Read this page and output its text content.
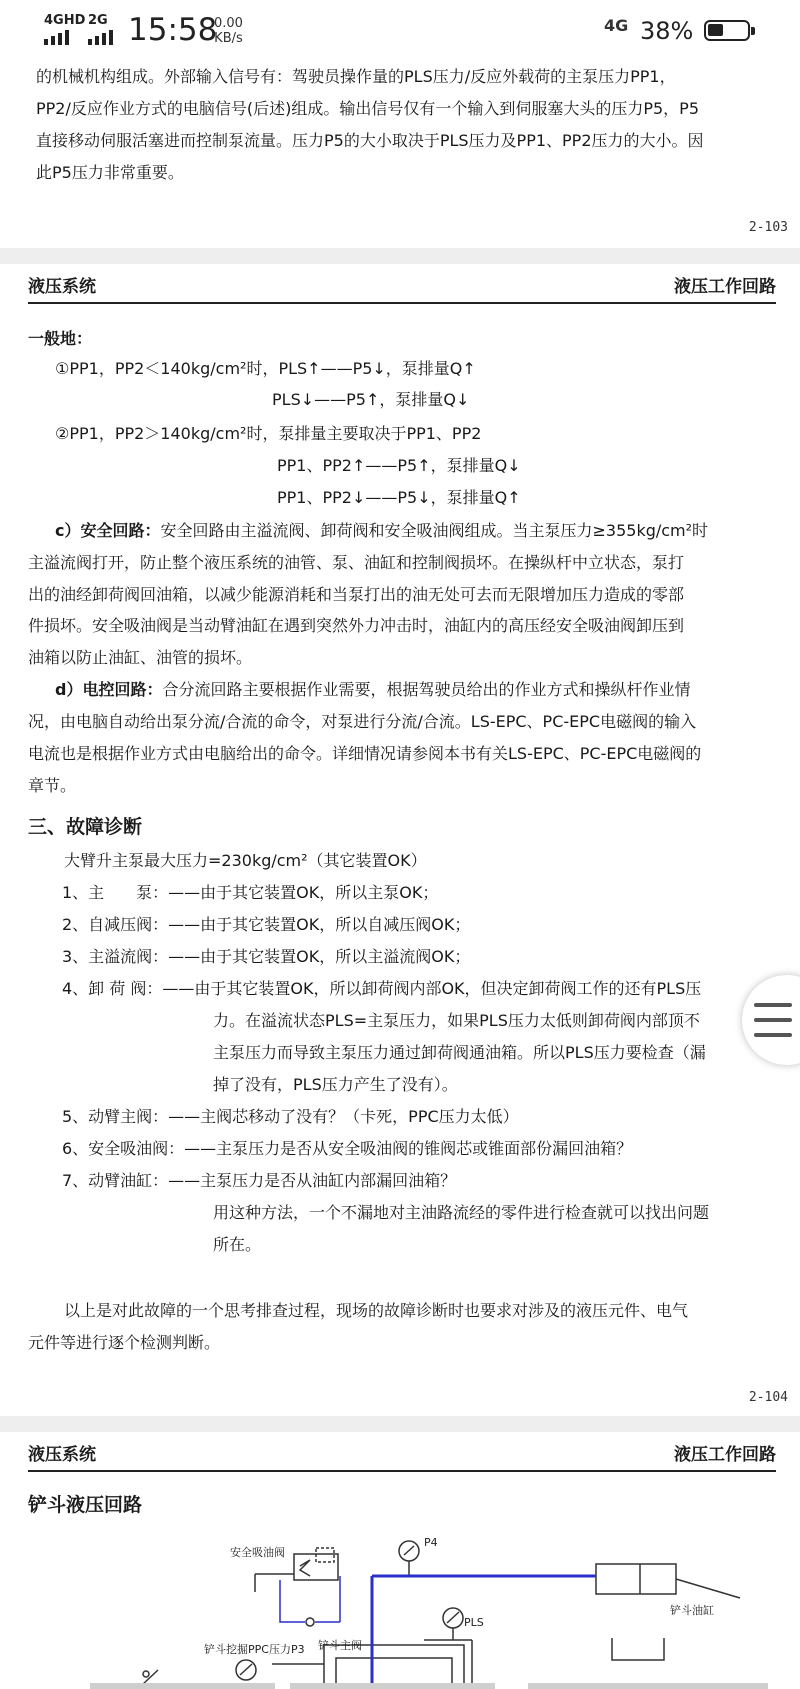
4GHD 2G 15:58
0.00
KB/s
4G 38%
的机械机构组成。外部输入信号有：驾驶员操作量的PLS压力/反应外载荷的主泵压力PP1，
PP2/反应作业方式的电脑信号(后述)组成。输出信号仅有一个输入到伺服塞大头的压力P5，P5
直接移动伺服活塞进而控制泵流量。压力P5的大小取决于PLS压力及PP1、PP2压力的大小。因
此P5压力非常重要。
2-103
液压系统	液压工作回路
一般地：
①PP1，PP2＜140kg/cm²时，PLS↑——P5↓，泵排量Q↑
PLS↓——P5↑，泵排量Q↓
②PP1，PP2＞140kg/cm²时，泵排量主要取决于PP1、PP2
PP1、PP2↑——P5↑，泵排量Q↓
PP1、PP2↓——P5↓，泵排量Q↑
c）安全回路：安全回路由主溢流阀、卸荷阀和安全吸油阀组成。当主泵压力≥355kg/cm²时
主溢流阀打开，防止整个液压系统的油管、泵、油缸和控制阀损坏。在操纵杆中立状态，泵打
出的油经卸荷阀回油箱，以减少能源消耗和当泵打出的油无处可去而无限增加压力造成的零部
件损坏。安全吸油阀是当动臂油缸在遇到突然外力冲击时，油缸内的高压经安全吸油阀卸压到
油箱以防止油缸、油管的损坏。
d）电控回路：合分流回路主要根据作业需要，根据驾驶员给出的作业方式和操纵杆作业情
况，由电脑自动给出泵分流/合流的命令，对泵进行分流/合流。LS-EPC、PC-EPC电磁阀的输入
电流也是根据作业方式由电脑给出的命令。详细情况请参阅本书有关LS-EPC、PC-EPC电磁阀的
章节。
三、故障诊断
大臂升主泵最大压力=230kg/cm²（其它装置OK）
1、主　　泵：——由于其它装置OK，所以主泵OK；
2、自减压阀：——由于其它装置OK，所以自减压阀OK；
3、主溢流阀：——由于其它装置OK，所以主溢流阀OK；
4、卸 荷 阀：——由于其它装置OK，所以卸荷阀内部OK，但决定卸荷阀工作的还有PLS压
力。在溢流状态PLS=主泵压力，如果PLS压力太低则卸荷阀内部顶不
主泵压力而导致主泵压力通过卸荷阀通油箱。所以PLS压力要检查（漏
掉了没有，PLS压力产生了没有）。
5、动臂主阀：——主阀芯移动了没有？（卡死，PPC压力太低）
6、安全吸油阀：——主泵压力是否从安全吸油阀的锥阀芯或锥面部份漏回油箱？
7、动臂油缸：——主泵压力是否从油缸内部漏回油箱？
用这种方法，一个不漏地对主油路流经的零件进行检查就可以找出问题
所在。
以上是对此故障的一个思考排查过程，现场的故障诊断时也要求对涉及的液压元件、电气
元件等进行逐个检测判断。
2-104
液压系统	液压工作回路
铲斗液压回路
安全吸油阀
P4
铲斗油缸
PLS
铲斗挖掘PPC压力P3 铲斗主阀
